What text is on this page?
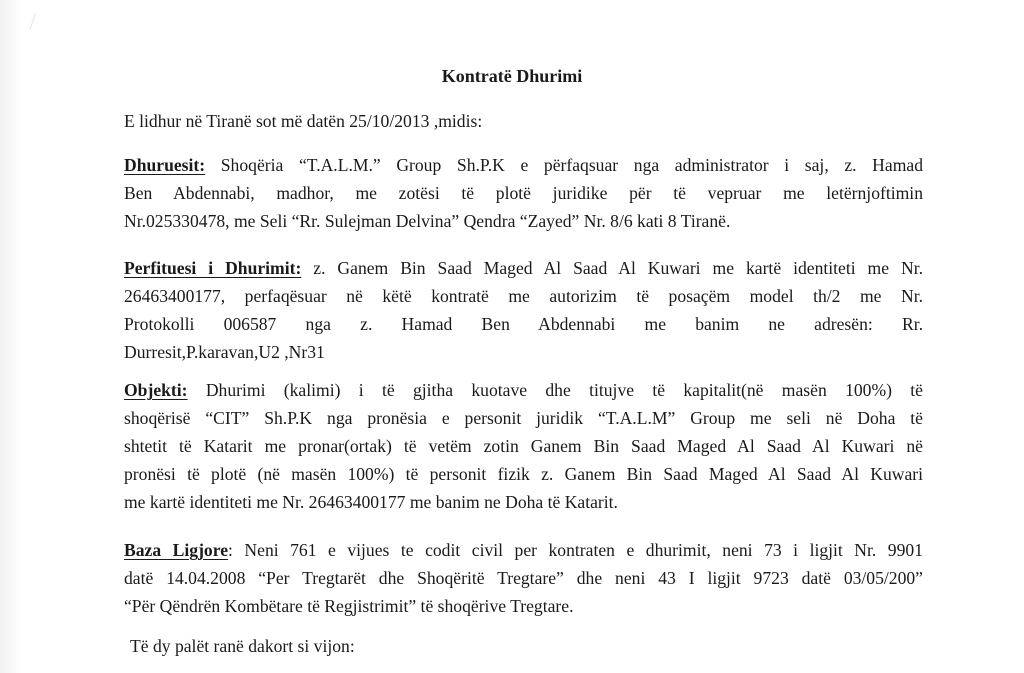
Kontratë Dhurimi
E lidhur në Tiranë sot më datën 25/10/2013 ,midis:
Dhuruesit: Shoqëria “T.A.L.M.” Group Sh.P.K e përfaqsuar nga administrator i saj, z. Hamad
Ben Abdennabi, madhor, me zotësi të plotë juridike për të vepruar me letërnjoftimin
Nr.025330478, me Seli “Rr. Sulejman Delvina” Qendra “Zayed” Nr. 8/6 kati 8 Tiranë.
Perfituesi i Dhurimit: z. Ganem Bin Saad Maged Al Saad Al Kuwari me kartë identiteti me Nr.
26463400177, perfaqësuar në këtë kontratë me autorizim të posaçëm model th/2 me Nr.
Protokolli 006587 nga z. Hamad Ben Abdennabi me banim ne adresën: Rr.
Durresit,P.karavan,U2 ,Nr31
Objekti: Dhurimi (kalimi) i të gjitha kuotave dhe titujve të kapitalit(në masën 100%) të
shoqërisë “CIT” Sh.P.K nga pronësia e personit juridik “T.A.L.M” Group me seli në Doha të
shtetit të Katarit me pronar(ortak) të vetëm zotin Ganem Bin Saad Maged Al Saad Al Kuwari në
pronësi të plotë (në masën 100%) të personit fizik z. Ganem Bin Saad Maged Al Saad Al Kuwari
me kartë identiteti me Nr. 26463400177 me banim ne Doha të Katarit.
Baza Ligjore: Neni 761 e vijues te codit civil per kontraten e dhurimit, neni 73 i ligjit Nr. 9901
datë 14.04.2008 “Per Tregtarët dhe Shoqëritë Tregtare” dhe neni 43 I ligjit 9723 datë 03/05/200”
“Për Qëndrën Kombëtare të Regjistrimit” të shoqërive Tregtare.
Të dy palët ranë dakort si vijon:
